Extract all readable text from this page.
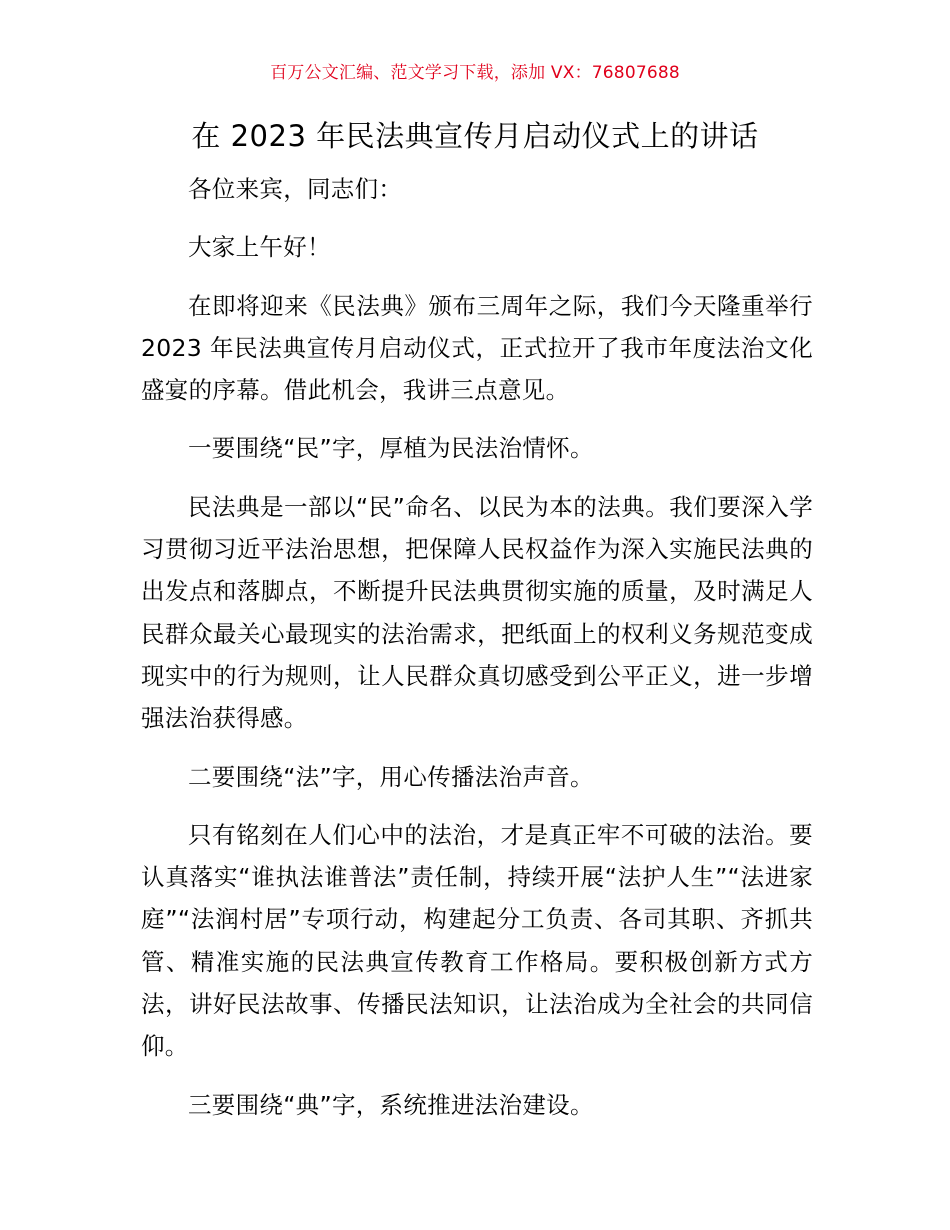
百万公文汇编、范文学习下载，添加 VX：76807688
在 2023 年民法典宣传月启动仪式上的讲话

各位来宾，同志们：

大家上午好！

在即将迎来《民法典》颁布三周年之际，我们今天隆重举行 2023 年民法典宣传月启动仪式，正式拉开了我市年度法治文化盛宴的序幕。借此机会，我讲三点意见。

一要围绕“民”字，厚植为民法治情怀。

民法典是一部以“民”命名、以民为本的法典。我们要深入学习贯彻习近平法治思想，把保障人民权益作为深入实施民法典的出发点和落脚点，不断提升民法典贯彻实施的质量，及时满足人民群众最关心最现实的法治需求，把纸面上的权利义务规范变成现实中的行为规则，让人民群众真切感受到公平正义，进一步增强法治获得感。

二要围绕“法”字，用心传播法治声音。

只有铭刻在人们心中的法治，才是真正牢不可破的法治。要认真落实“谁执法谁普法”责任制，持续开展“法护人生”“法进家庭”“法润村居”专项行动，构建起分工负责、各司其职、齐抓共管、精准实施的民法典宣传教育工作格局。要积极创新方式方法，讲好民法故事、传播民法知识，让法治成为全社会的共同信仰。

三要围绕“典”字，系统推进法治建设。
